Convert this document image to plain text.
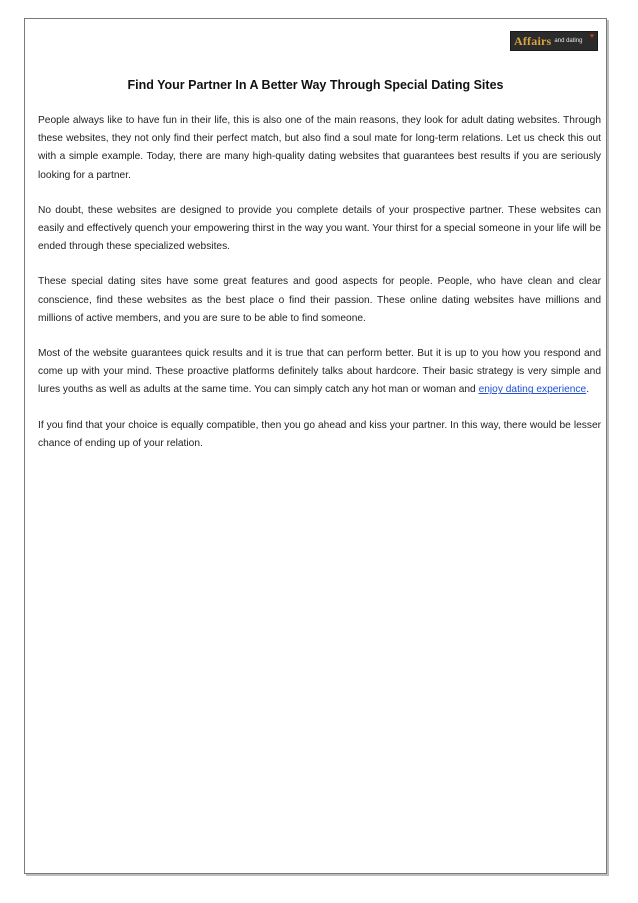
Affairs and dating
♥
Find Your Partner In A Better Way Through Special Dating Sites

People always like to have fun in their life, this is also one of the main reasons, they look for adult dating websites. Through these websites, they not only find their perfect match, but also find a soul mate for long-term relations. Let us check this out with a simple example. Today, there are many high-quality dating websites that guarantees best results if you are seriously looking for a partner.

No doubt, these websites are designed to provide you complete details of your prospective partner. These websites can easily and effectively quench your empowering thirst in the way you want. Your thirst for a special someone in your life will be ended through these specialized websites.

These special dating sites have some great features and good aspects for people. People, who have clean and clear conscience, find these websites as the best place o find their passion. These online dating websites have millions and millions of active members, and you are sure to be able to find someone.

Most of the website guarantees quick results and it is true that can perform better. But it is up to you how you respond and come up with your mind. These proactive platforms definitely talks about hardcore. Their basic strategy is very simple and lures youths as well as adults at the same time. You can simply catch any hot man or woman and enjoy dating experience.

If you find that your choice is equally compatible, then you go ahead and kiss your partner. In this way, there would be lesser chance of ending up of your relation.
